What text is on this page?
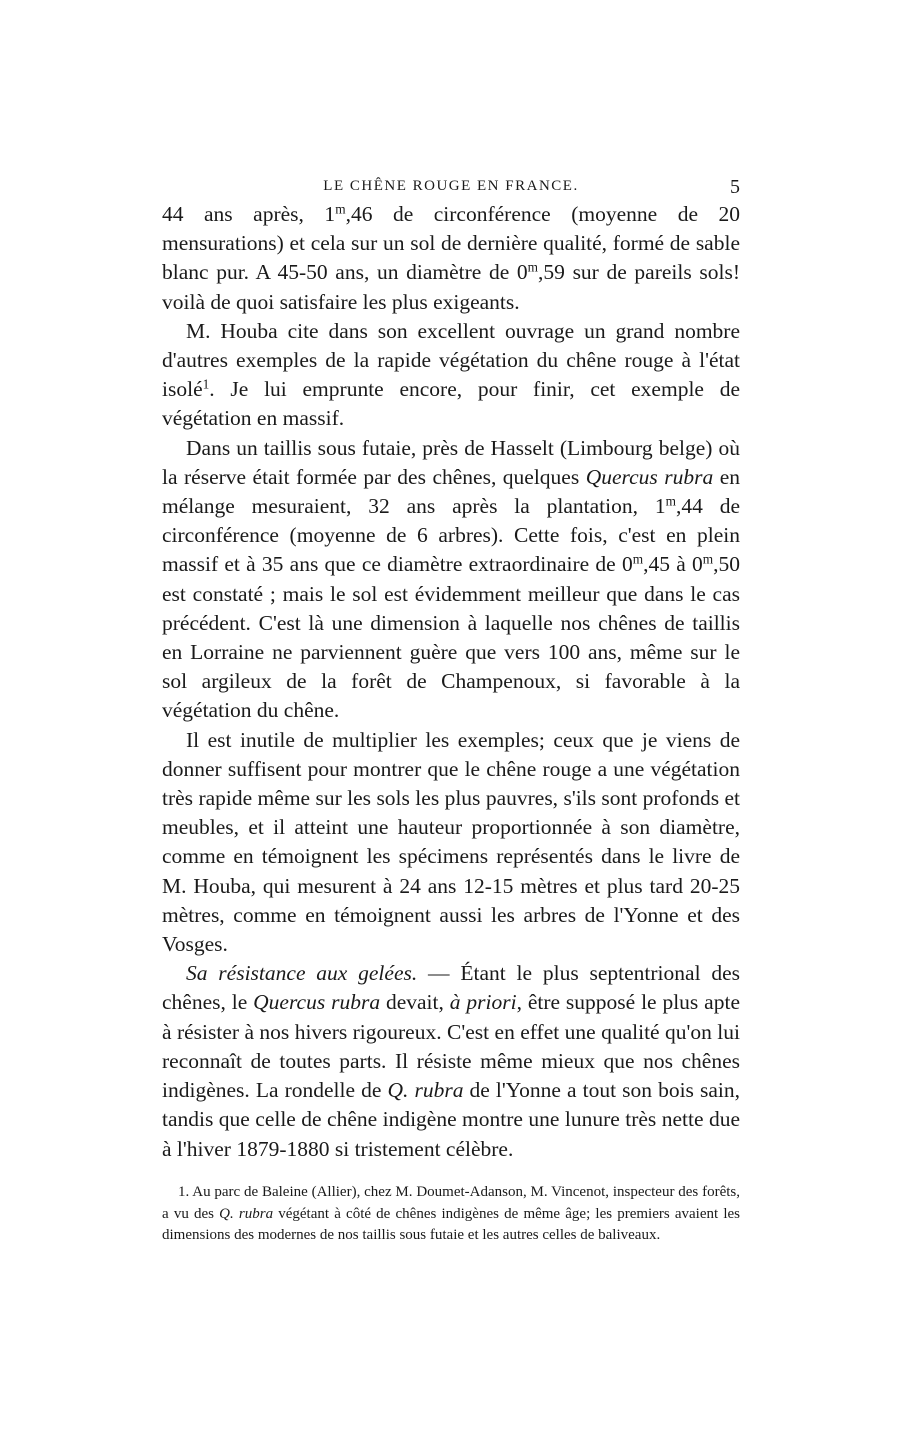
LE CHÊNE ROUGE EN FRANCE.	5

44 ans après, 1$^m$,46 de circonférence (moyenne de 20 mensurations) et cela sur un sol de dernière qualité, formé de sable blanc pur. A 45-50 ans, un diamètre de 0$^m$,59 sur de pareils sols! voilà de quoi satisfaire les plus exigeants.

M. Houba cite dans son excellent ouvrage un grand nombre d'autres exemples de la rapide végétation du chêne rouge à l'état isolé$^1$. Je lui emprunte encore, pour finir, cet exemple de végétation en massif.

Dans un taillis sous futaie, près de Hasselt (Limbourg belge) où la réserve était formée par des chênes, quelques Quercus rubra en mélange mesuraient, 32 ans après la plantation, 1$^m$,44 de circonférence (moyenne de 6 arbres). Cette fois, c'est en plein massif et à 35 ans que ce diamètre extraordinaire de 0$^m$,45 à 0$^m$,50 est constaté ; mais le sol est évidemment meilleur que dans le cas précédent. C'est là une dimension à laquelle nos chênes de taillis en Lorraine ne parviennent guère que vers 100 ans, même sur le sol argileux de la forêt de Champenoux, si favorable à la végétation du chêne.

Il est inutile de multiplier les exemples; ceux que je viens de donner suffisent pour montrer que le chêne rouge a une végétation très rapide même sur les sols les plus pauvres, s'ils sont profonds et meubles, et il atteint une hauteur proportionnée à son diamètre, comme en témoignent les spécimens représentés dans le livre de M. Houba, qui mesurent à 24 ans 12-15 mètres et plus tard 20-25 mètres, comme en témoignent aussi les arbres de l'Yonne et des Vosges.

Sa résistance aux gelées. — Étant le plus septentrional des chênes, le Quercus rubra devait, à priori, être supposé le plus apte à résister à nos hivers rigoureux. C'est en effet une qualité qu'on lui reconnaît de toutes parts. Il résiste même mieux que nos chênes indigènes. La rondelle de Q. rubra de l'Yonne a tout son bois sain, tandis que celle de chêne indigène montre une lunure très nette due à l'hiver 1879-1880 si tristement célèbre.

1. Au parc de Baleine (Allier), chez M. Doumet-Adanson, M. Vincenot, inspecteur des forêts, a vu des Q. rubra végétant à côté de chênes indigènes de même âge; les premiers avaient les dimensions des modernes de nos taillis sous futaie et les autres celles de baliveaux.
